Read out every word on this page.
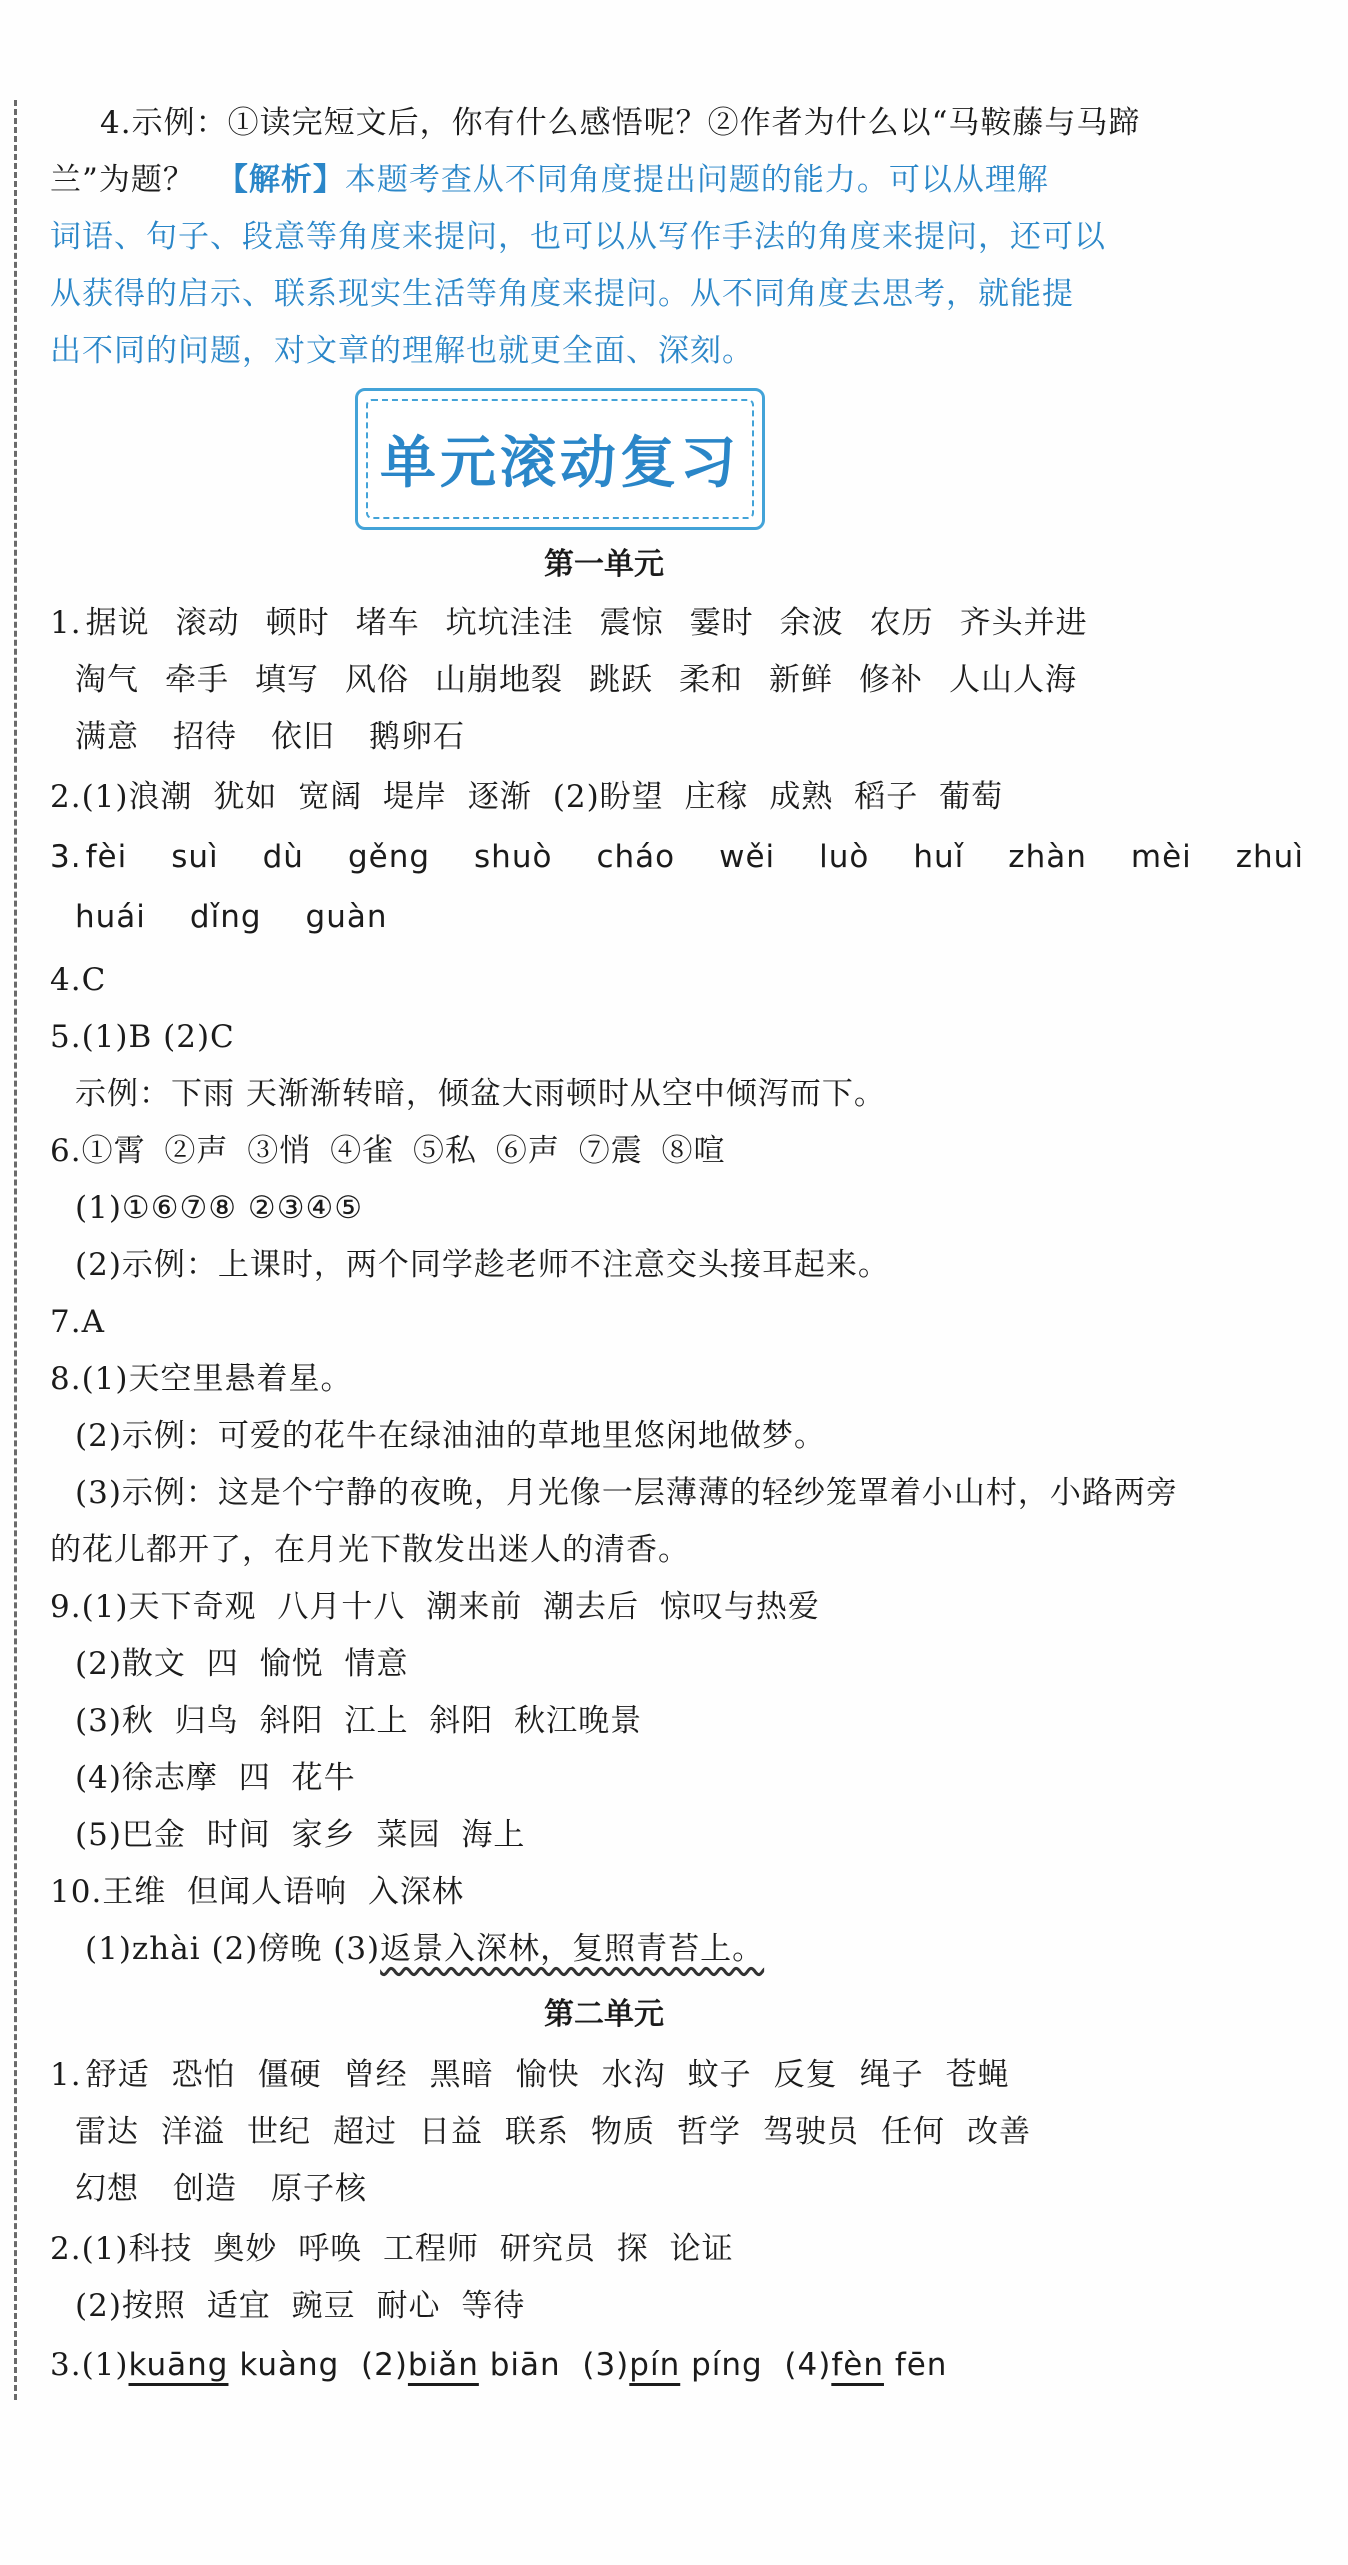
4.示例：①读完短文后，你有什么感悟呢？②作者为什么以“马鞍藤与马蹄
兰”为题？ 【解析】本题考查从不同角度提出问题的能力。可以从理解
词语、句子、段意等角度来提问，也可以从写作手法的角度来提问，还可以
从获得的启示、联系现实生活等角度来提问。从不同角度去思考，就能提
出不同的问题，对文章的理解也就更全面、深刻。
单元滚动复习
第一单元
1. 据说 滚动 顿时 堵车 坑坑洼洼 震惊 霎时 余波 农历 齐头并进
淘气 牵手 填写 风俗 山崩地裂 跳跃 柔和 新鲜 修补 人山人海
满意 招待 依旧 鹅卵石
2.(1)浪潮 犹如 宽阔 堤岸 逐渐 (2)盼望 庄稼 成熟 稻子 葡萄
3. fèi suì dù gěng shuò cháo wěi luò huǐ zhàn mèi zhuì
huái dǐng guàn
4.C
5.(1)B (2)C
示例：下雨 天渐渐转暗，倾盆大雨顿时从空中倾泻而下。
6.①霄 ②声 ③悄 ④雀 ⑤私 ⑥声 ⑦震 ⑧喧
(1)①⑥⑦⑧ ②③④⑤
(2)示例：上课时，两个同学趁老师不注意交头接耳起来。
7.A
8.(1)天空里悬着星。
(2)示例：可爱的花牛在绿油油的草地里悠闲地做梦。
(3)示例：这是个宁静的夜晚，月光像一层薄薄的轻纱笼罩着小山村，小路两旁
的花儿都开了，在月光下散发出迷人的清香。
9.(1)天下奇观 八月十八 潮来前 潮去后 惊叹与热爱
(2)散文 四 愉悦 情意
(3)秋 归鸟 斜阳 江上 斜阳 秋江晚景
(4)徐志摩 四 花牛
(5)巴金 时间 家乡 菜园 海上
10.王维 但闻人语响 入深林
(1)zhài (2)傍晚 (3)返景入深林，复照青苔上。
第二单元
1. 舒适 恐怕 僵硬 曾经 黑暗 愉快 水沟 蚊子 反复 绳子 苍蝇
雷达 洋溢 世纪 超过 日益 联系 物质 哲学 驾驶员 任何 改善
幻想 创造 原子核
2.(1)科技 奥妙 呼唤 工程师 研究员 探 论证
(2)按照 适宜 豌豆 耐心 等待
3.(1)kuāng kuàng  (2)biǎn biān  (3)pín píng  (4)fèn fēn
